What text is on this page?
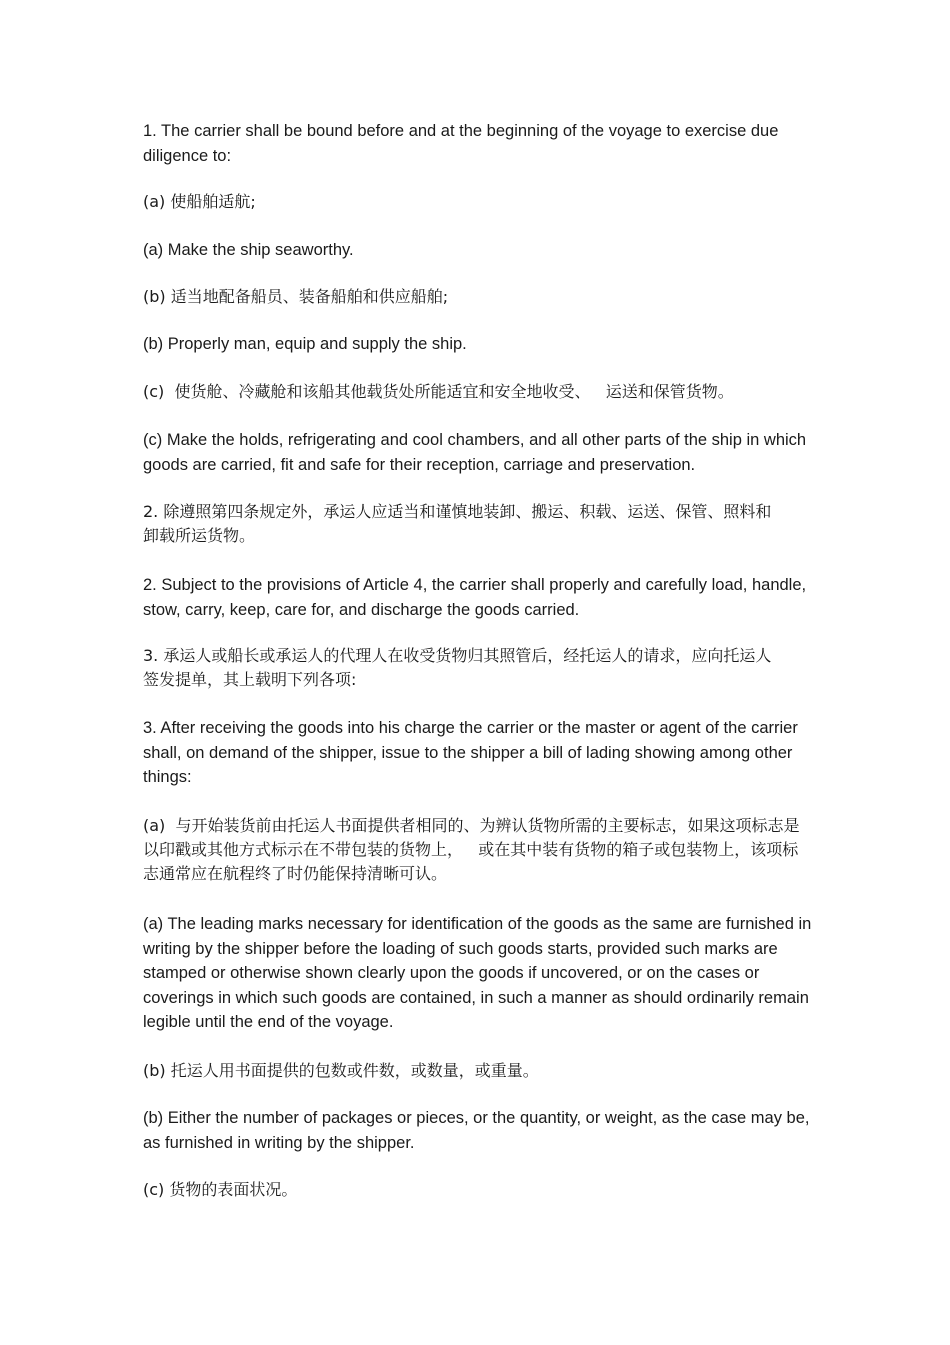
1. The carrier shall be bound before and at the beginning of the voyage to exercise due diligence to:

(a) 使船舶适航;

(a) Make the ship seaworthy.

(b) 适当地配备船员、装备船舶和供应船舶;

(b) Properly man, equip and supply the ship.

(c)  使货舱、冷藏舱和该船其他载货处所能适宜和安全地收受、   运送和保管货物。

(c) Make the holds, refrigerating and cool chambers, and all other parts of the ship in which goods are carried, fit and safe for their reception, carriage and preservation.

2. 除遵照第四条规定外，承运人应适当和谨慎地装卸、搬运、积载、运送、保管、照料和卸载所运货物。

2. Subject to the provisions of Article 4, the carrier shall properly and carefully load, handle, stow, carry, keep, care for, and discharge the goods carried.

3. 承运人或船长或承运人的代理人在收受货物归其照管后，经托运人的请求，应向托运人签发提单，其上载明下列各项:

3. After receiving the goods into his charge the carrier or the master or agent of the carrier shall, on demand of the shipper, issue to the shipper a bill of lading showing among other things:

(a)  与开始装货前由托运人书面提供者相同的、为辨认货物所需的主要标志，如果这项标志是以印戳或其他方式标示在不带包装的货物上，   或在其中装有货物的箱子或包装物上，该项标志通常应在航程终了时仍能保持清晰可认。

(a) The leading marks necessary for identification of the goods as the same are furnished in writing by the shipper before the loading of such goods starts, provided such marks are stamped or otherwise shown clearly upon the goods if uncovered, or on the cases or coverings in which such goods are contained, in such a manner as should ordinarily remain legible until the end of the voyage.

(b) 托运人用书面提供的包数或件数，或数量，或重量。

(b) Either the number of packages or pieces, or the quantity, or weight, as the case may be, as furnished in writing by the shipper.

(c) 货物的表面状况。
